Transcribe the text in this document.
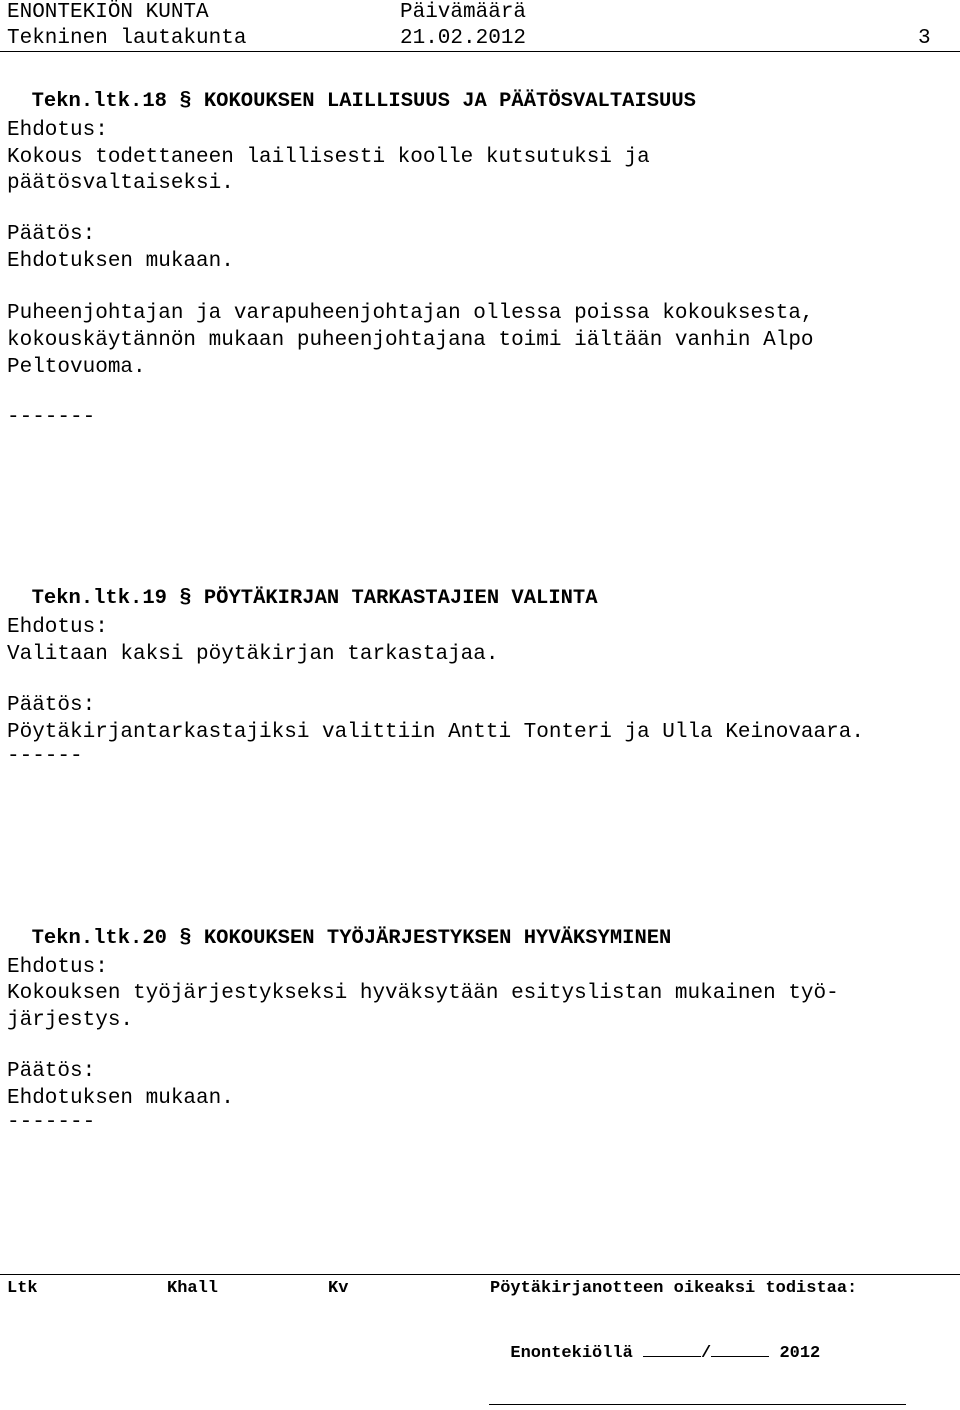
ENONTEKIÖN KUNTA	Päivämäärä
Tekninen lautakunta	21.02.2012	3

Tekn.ltk.18 § KOKOUKSEN LAILLISUUS JA PÄÄTÖSVALTAISUUS

Ehdotus:
Kokous todettaneen laillisesti koolle kutsutuksi ja
päätösvaltaiseksi.
Päätös:
Ehdotuksen mukaan.
Puheenjohtajan ja varapuheenjohtajan ollessa poissa kokouksesta,
kokouskäytännön mukaan puheenjohtajana toimi iältään vanhin Alpo
Peltovuoma.
-------

Tekn.ltk.19 § PÖYTÄKIRJAN TARKASTAJIEN VALINTA

Ehdotus:
Valitaan kaksi pöytäkirjan tarkastajaa.
Päätös:
Pöytäkirjantarkastajiksi valittiin Antti Tonteri ja Ulla Keinovaara.
------

Tekn.ltk.20 § KOKOUKSEN TYÖJÄRJESTYKSEN HYVÄKSYMINEN

Ehdotus:
Kokouksen työjärjestykseksi hyväksytään esityslistan mukainen työ-
järjestys.
Päätös:
Ehdotuksen mukaan.
-------
Ltk	Khall	Kv	Pöytäkirjanotteen oikeaksi todistaa:

Enontekiöllä	/	2012
